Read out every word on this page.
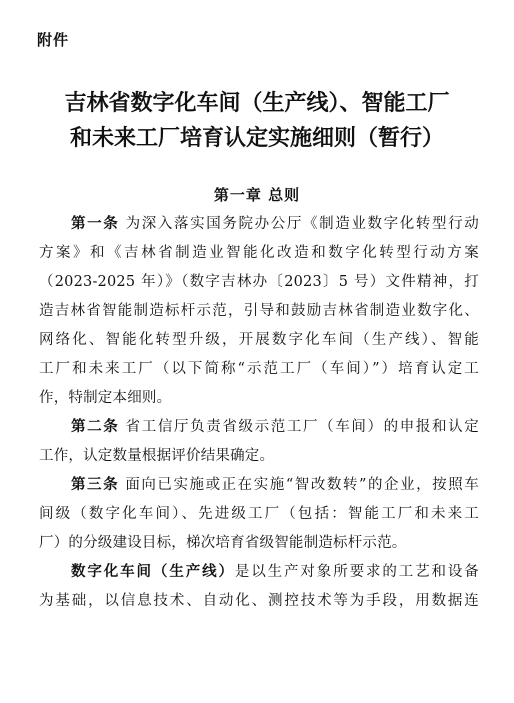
附件
吉林省数字化车间（生产线）、智能工厂
和未来工厂培育认定实施细则（暂行）
第一章 总则
第一条 为深入落实国务院办公厅《制造业数字化转型行动
方案》和《吉林省制造业智能化改造和数字化转型行动方案
（2023-2025 年）》（数字吉林办〔2023〕5 号）文件精神，打
造吉林省智能制造标杆示范，引导和鼓励吉林省制造业数字化、
网络化、智能化转型升级，开展数字化车间（生产线）、智能
工厂和未来工厂（以下简称“示范工厂（车间）”）培育认定工
作，特制定本细则。
第二条 省工信厅负责省级示范工厂（车间）的申报和认定
工作，认定数量根据评价结果确定。
第三条 面向已实施或正在实施“智改数转”的企业，按照车
间级（数字化车间）、先进级工厂（包括：智能工厂和未来工
厂）的分级建设目标，梯次培育省级智能制造标杆示范。
数字化车间（生产线）是以生产对象所要求的工艺和设备
为基础，以信息技术、自动化、测控技术等为手段，用数据连
